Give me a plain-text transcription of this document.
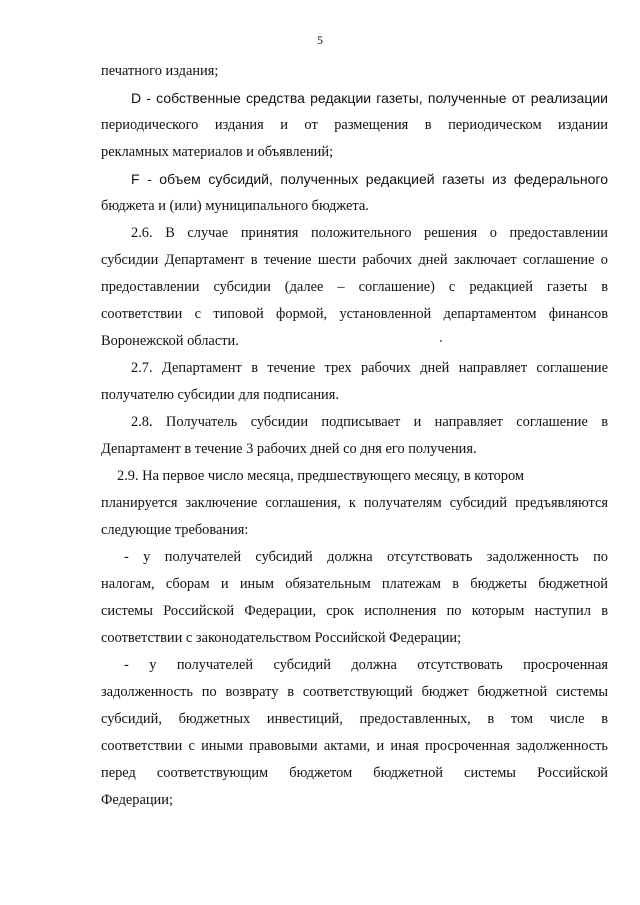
5
печатного издания;
D - собственные средства редакции газеты, полученные от реализации
периодического издания и от размещения в периодическом издании
рекламных материалов и объявлений;
F - объем субсидий, полученных редакцией газеты из федерального
бюджета и (или) муниципального бюджета.
2.6. В случае принятия положительного решения о предоставлении
субсидии Департамент в течение шести рабочих дней заключает соглашение о
предоставлении субсидии (далее – соглашение) с редакцией газеты в
соответствии с типовой формой, установленной департаментом финансов
Воронежской области.
2.7. Департамент в течение трех рабочих дней направляет соглашение
получателю субсидии для подписания.
2.8. Получатель субсидии подписывает и направляет соглашение в
Департамент в течение 3 рабочих дней со дня его получения.
2.9. На первое число месяца, предшествующего месяцу, в котором
планируется заключение соглашения, к получателям субсидий предъявляются
следующие требования:
- у получателей субсидий должна отсутствовать задолженность по
налогам, сборам и иным обязательным платежам в бюджеты бюджетной
системы Российской Федерации, срок исполнения по которым наступил в
соответствии с законодательством Российской Федерации;
- у получателей субсидий должна отсутствовать просроченная
задолженность по возврату в соответствующий бюджет бюджетной системы
субсидий, бюджетных инвестиций, предоставленных, в том числе в
соответствии с иными правовыми актами, и иная просроченная задолженность
перед соответствующим бюджетом бюджетной системы Российской
Федерации;
